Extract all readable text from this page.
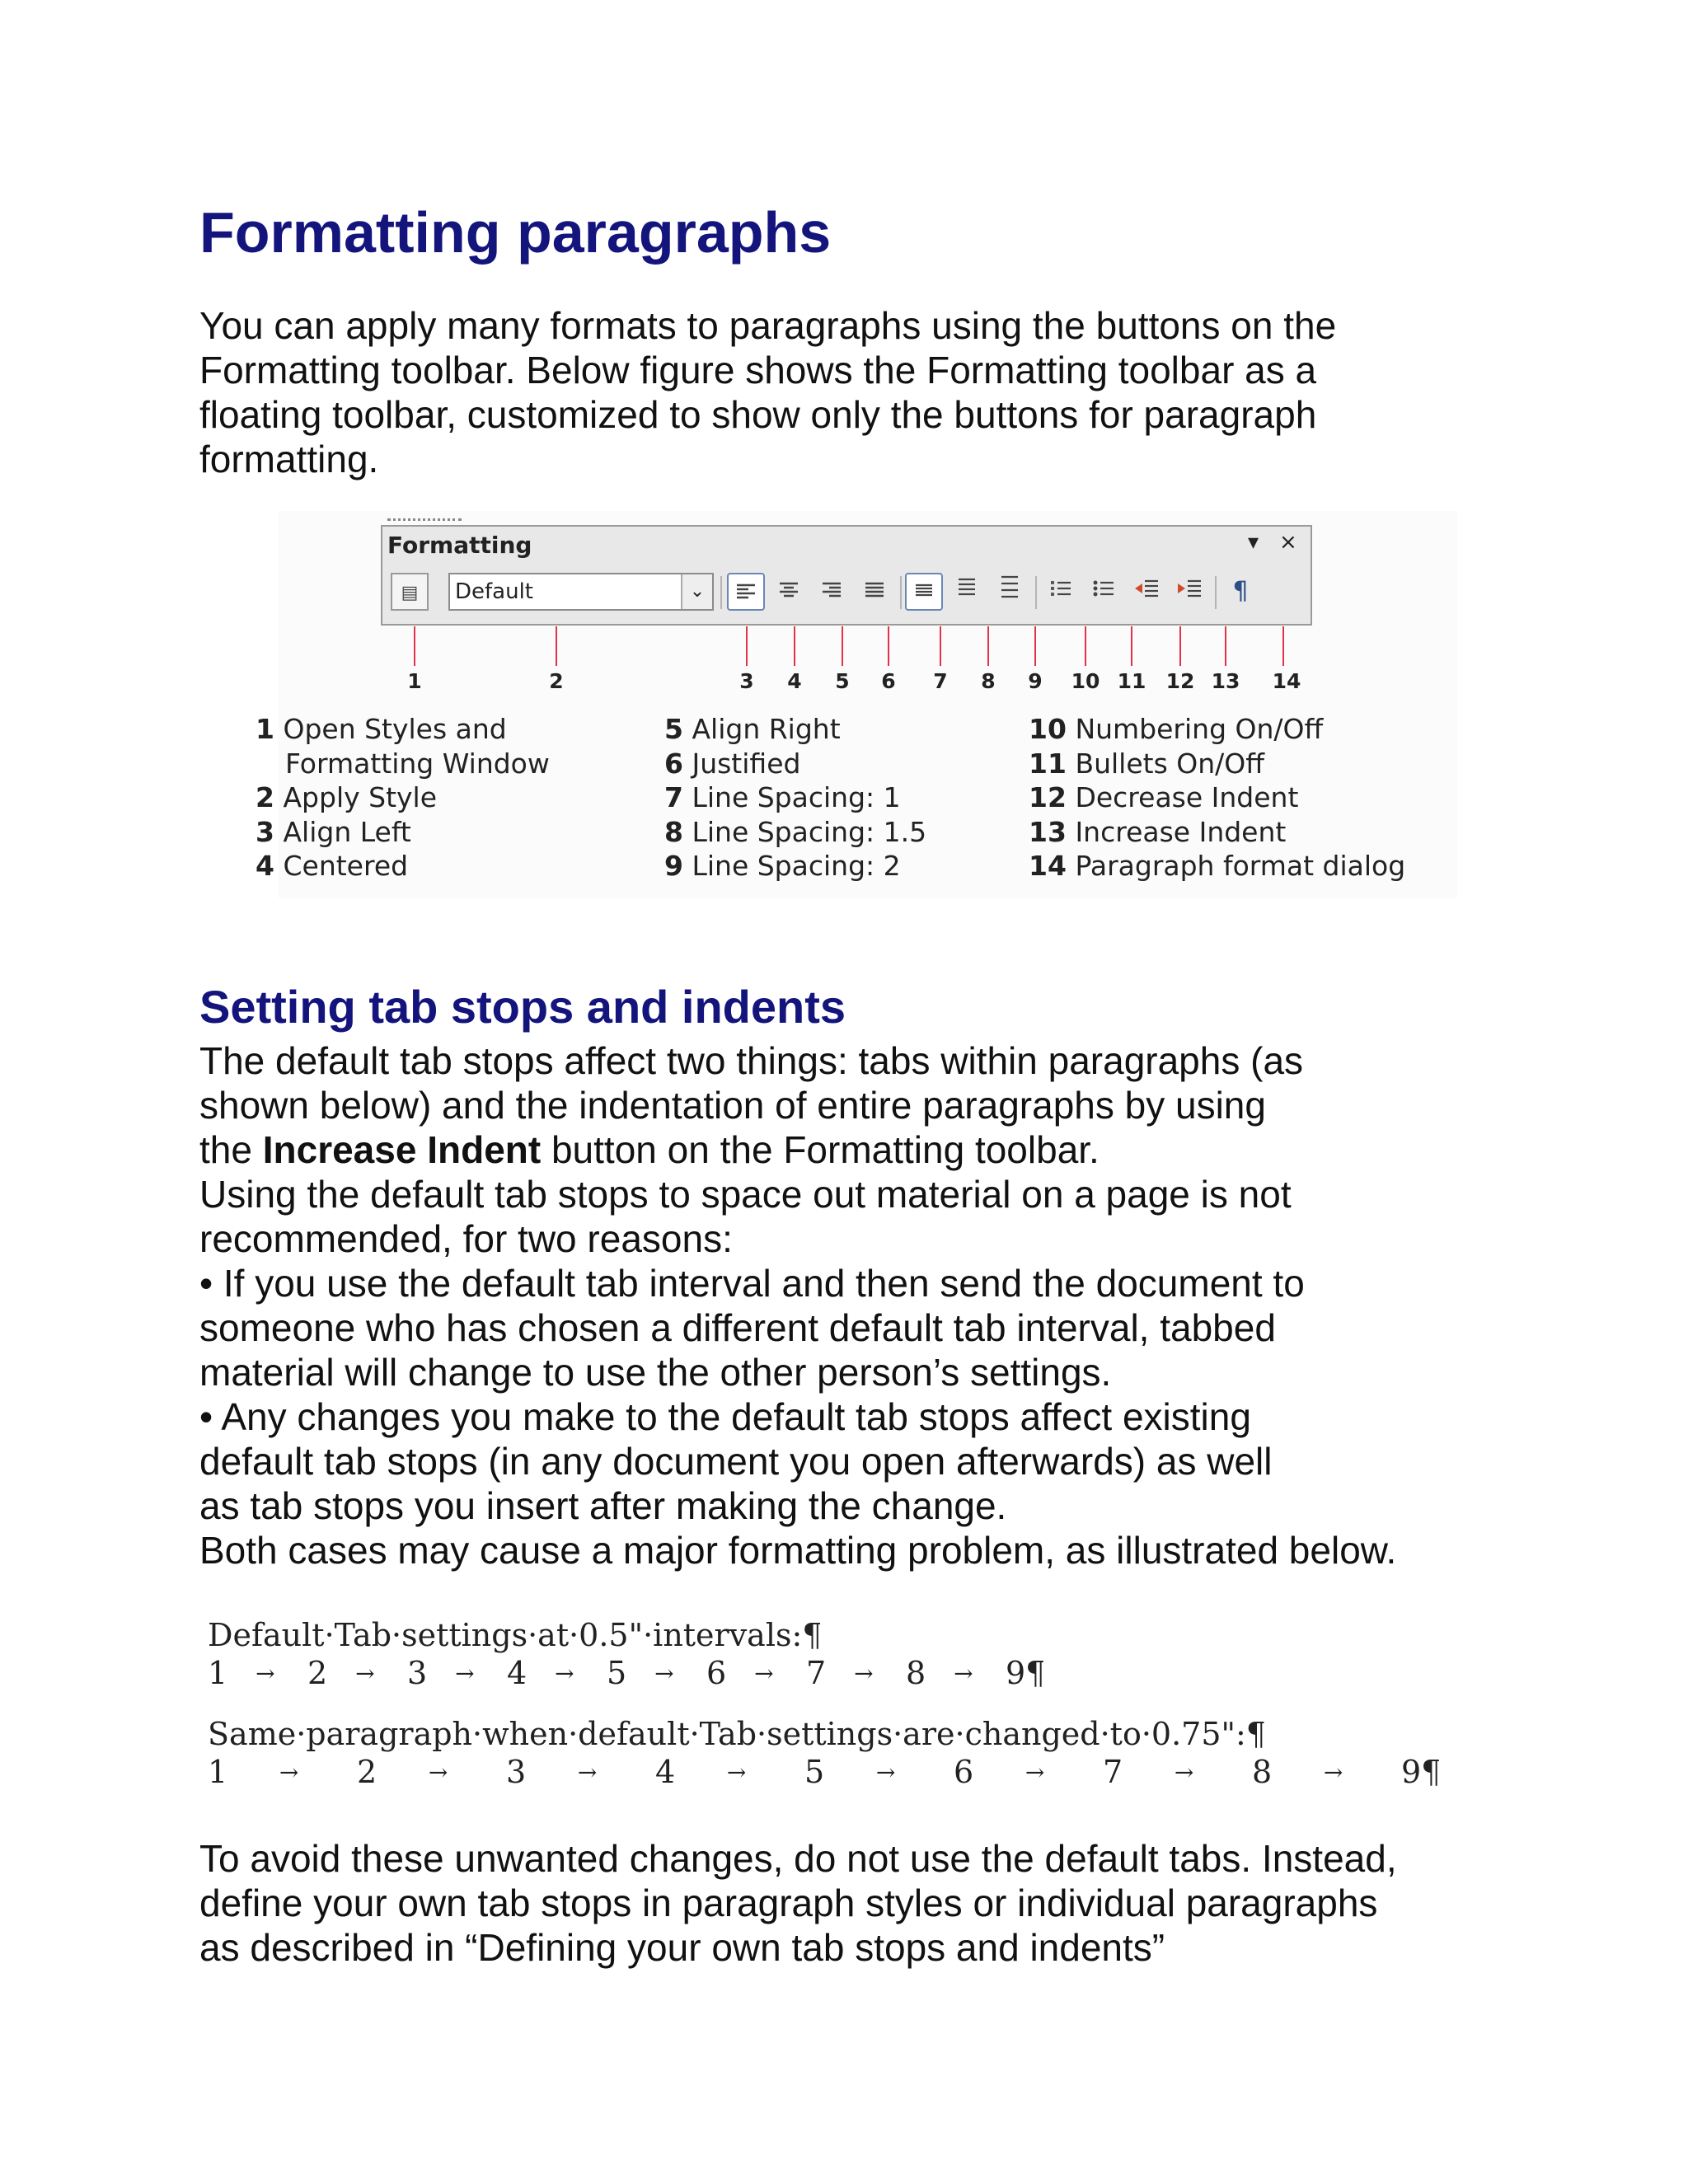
Formatting paragraphs
You can apply many formats to paragraphs using the buttons on the
Formatting toolbar. Below figure shows the Formatting toolbar as a
floating toolbar, customized to show only the buttons for paragraph
formatting.
Formatting	▾ ×
▤	Default	⌄	¶
1	2	3	4	5	6	7	8	9	10 11 12 13 14
1 Open Styles and
Formatting Window
2 Apply Style
3 Align Left
4 Centered
5 Align Right
6 Justified
7 Line Spacing: 1
8 Line Spacing: 1.5
9 Line Spacing: 2
10 Numbering On/Off
11 Bullets On/Off
12 Decrease Indent
13 Increase Indent
14 Paragraph format dialog
Setting tab stops and indents
The default tab stops affect two things: tabs within paragraphs (as
shown below) and the indentation of entire paragraphs by using
the Increase Indent button on the Formatting toolbar.
Using the default tab stops to space out material on a page is not
recommended, for two reasons:
• If you use the default tab interval and then send the document to
someone who has chosen a different default tab interval, tabbed
material will change to use the other person’s settings.
• Any changes you make to the default tab stops affect existing
default tab stops (in any document you open afterwards) as well
as tab stops you insert after making the change.
Both cases may cause a major formatting problem, as illustrated below.
Default·Tab·settings·at·0.5"·intervals:¶
1 → 2 → 3 → 4 → 5 → 6 → 7 → 8 → 9¶
Same·paragraph·when·default·Tab·settings·are·changed·to·0.75":¶
1 → 2 → 3 → 4 → 5 → 6 → 7 → 8 → 9¶
To avoid these unwanted changes, do not use the default tabs. Instead,
define your own tab stops in paragraph styles or individual paragraphs
as described in “Defining your own tab stops and indents”
